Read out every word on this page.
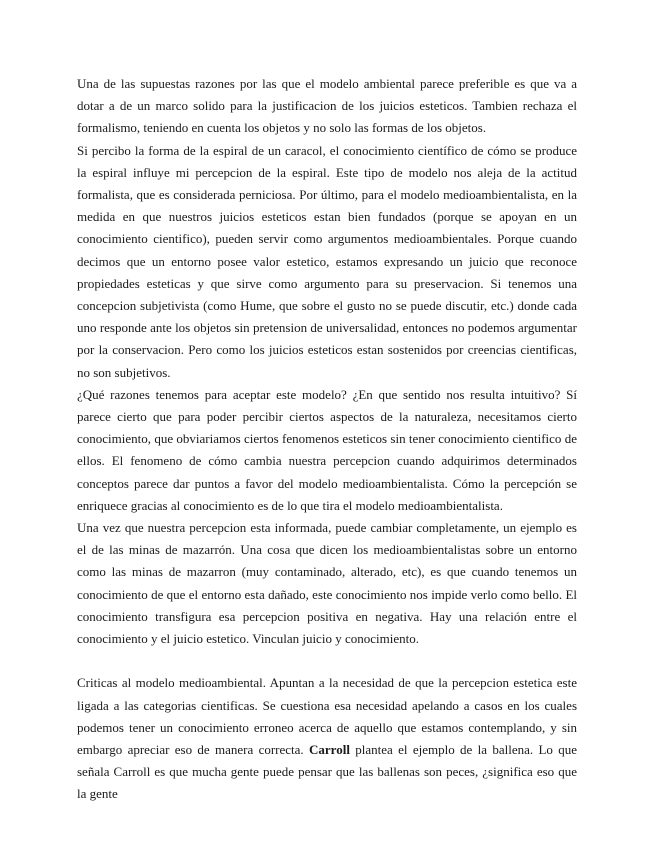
Una de las supuestas razones por las que el modelo ambiental parece preferible es que va a dotar a de un marco solido para la justificacion de los juicios esteticos. Tambien rechaza el formalismo, teniendo en cuenta los objetos y no solo las formas de los objetos.

Si percibo la forma de la espiral de un caracol, el conocimiento científico de cómo se produce la espiral influye mi percepcion de la espiral. Este tipo de modelo nos aleja de la actitud formalista, que es considerada perniciosa. Por último, para el modelo medioambientalista, en la medida en que nuestros juicios esteticos estan bien fundados (porque se apoyan en un conocimiento cientifico), pueden servir como argumentos medioambientales. Porque cuando decimos que un entorno posee valor estetico, estamos expresando un juicio que reconoce propiedades esteticas y que sirve como argumento para su preservacion. Si tenemos una concepcion subjetivista (como Hume, que sobre el gusto no se puede discutir, etc.) donde cada uno responde ante los objetos sin pretension de universalidad, entonces no podemos argumentar por la conservacion. Pero como los juicios esteticos estan sostenidos por creencias cientificas, no son subjetivos.

¿Qué razones tenemos para aceptar este modelo? ¿En que sentido nos resulta intuitivo? Sí parece cierto que para poder percibir ciertos aspectos de la naturaleza, necesitamos cierto conocimiento, que obviariamos ciertos fenomenos esteticos sin tener conocimiento cientifico de ellos. El fenomeno de cómo cambia nuestra percepcion cuando adquirimos determinados conceptos parece dar puntos a favor del modelo medioambientalista. Cómo la percepción se enriquece gracias al conocimiento es de lo que tira el modelo medioambientalista.

Una vez que nuestra percepcion esta informada, puede cambiar completamente, un ejemplo es el de las minas de mazarrón. Una cosa que dicen los medioambientalistas sobre un entorno como las minas de mazarron (muy contaminado, alterado, etc), es que cuando tenemos un conocimiento de que el entorno esta dañado, este conocimiento nos impide verlo como bello. El conocimiento transfigura esa percepcion positiva en negativa. Hay una relación entre el conocimiento y el juicio estetico. Vinculan juicio y conocimiento.

Criticas al modelo medioambiental. Apuntan a la necesidad de que la percepcion estetica este ligada a las categorias cientificas. Se cuestiona esa necesidad apelando a casos en los cuales podemos tener un conocimiento erroneo acerca de aquello que estamos contemplando, y sin embargo apreciar eso de manera correcta. Carroll plantea el ejemplo de la ballena. Lo que señala Carroll es que mucha gente puede pensar que las ballenas son peces, ¿significa eso que la gente
